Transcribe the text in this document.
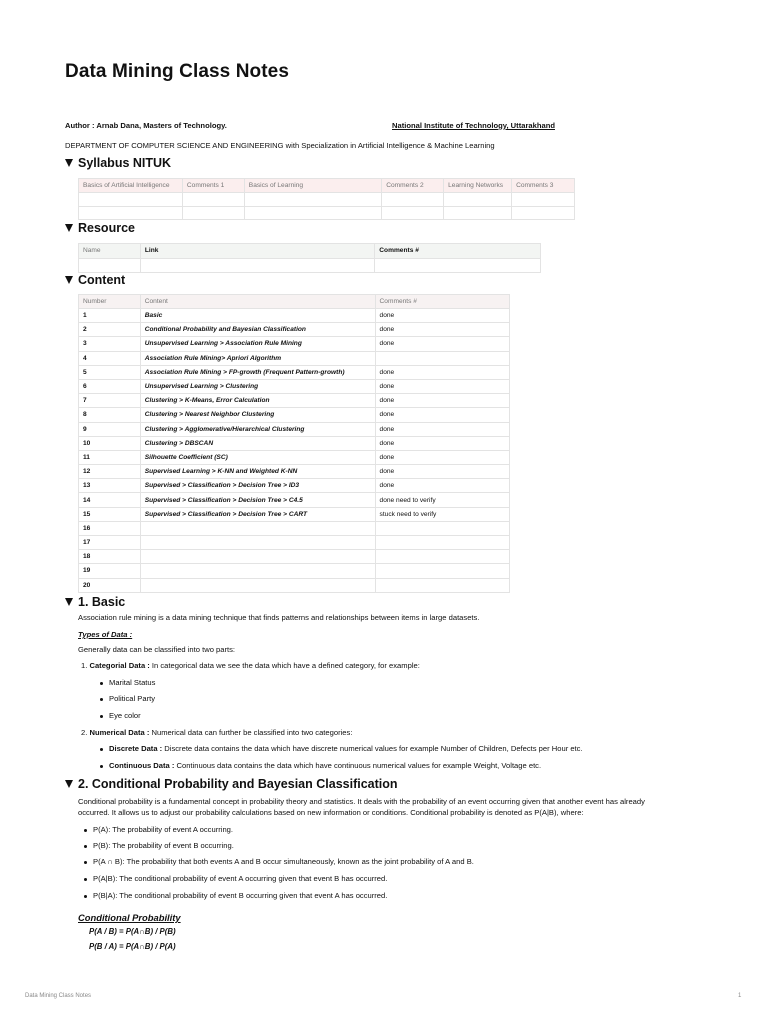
Data Mining Class Notes
Author : Arnab Dana, Masters of Technology.	National Institute of Technology, Uttarakhand
DEPARTMENT OF COMPUTER SCIENCE AND ENGINEERING with Specialization in Artificial Intelligence & Machine Learning
Syllabus NITUK
Basics of Artificial Intelligence	Comments 1	Basics of Learning	Comments 2	Learning Networks	Comments 3

Resource
Name	Link	Comments #

Content
Number	Content	Comments #
1	Basic	done
2	Conditional Probability and Bayesian Classification	done
3	Unsupervised Learning > Association Rule Mining	done
4	Association Rule Mining> Apriori Algorithm	
5	Association Rule Mining > FP-growth (Frequent Pattern-growth)	done
6	Unsupervised Learning > Clustering	done
7	Clustering > K-Means, Error Calculation	done
8	Clustering > Nearest Neighbor Clustering	done
9	Clustering > Agglomerative/Hierarchical Clustering	done
10	Clustering > DBSCAN	done
11	Silhouette Coefficient (SC)	done
12	Supervised Learning > K-NN and Weighted K-NN	done
13	Supervised > Classification > Decision Tree > ID3	done
14	Supervised > Classification > Decision Tree > C4.5	done need to verify
15	Supervised > Classification > Decision Tree > CART	stuck need to verify
16		
17		
18		
19		
20		
1. Basic
Association rule mining is a data mining technique that finds patterns and relationships between items in large datasets.
Types of Data :
Generally data can be classified into two parts:
1. Categorial Data : In categorical data we see the data which have a defined category, for example:
Marital Status
Political Party
Eye color
2. Numerical Data : Numerical data can further be classified into two categories:
Discrete Data : Discrete data contains the data which have discrete numerical values for example Number of Children, Defects per Hour etc.
Continuous Data : Continuous data contains the data which have continuous numerical values for example Weight, Voltage etc.
2. Conditional Probability and Bayesian Classification
Conditional probability is a fundamental concept in probability theory and statistics. It deals with the probability of an event occurring given that another event has already
occurred. It allows us to adjust our probability calculations based on new information or conditions. Conditional probability is denoted as P(A|B), where:
P(A): The probability of event A occurring.
P(B): The probability of event B occurring.
P(A ∩ B): The probability that both events A and B occur simultaneously, known as the joint probability of A and B.
P(A|B): The conditional probability of event A occurring given that event B has occurred.
P(B|A): The conditional probability of event B occurring given that event A has occurred.
Conditional Probability
P(A / B) = P(A∩B) / P(B)
P(B / A) = P(A∩B) / P(A)
Data Mining Class Notes	1
